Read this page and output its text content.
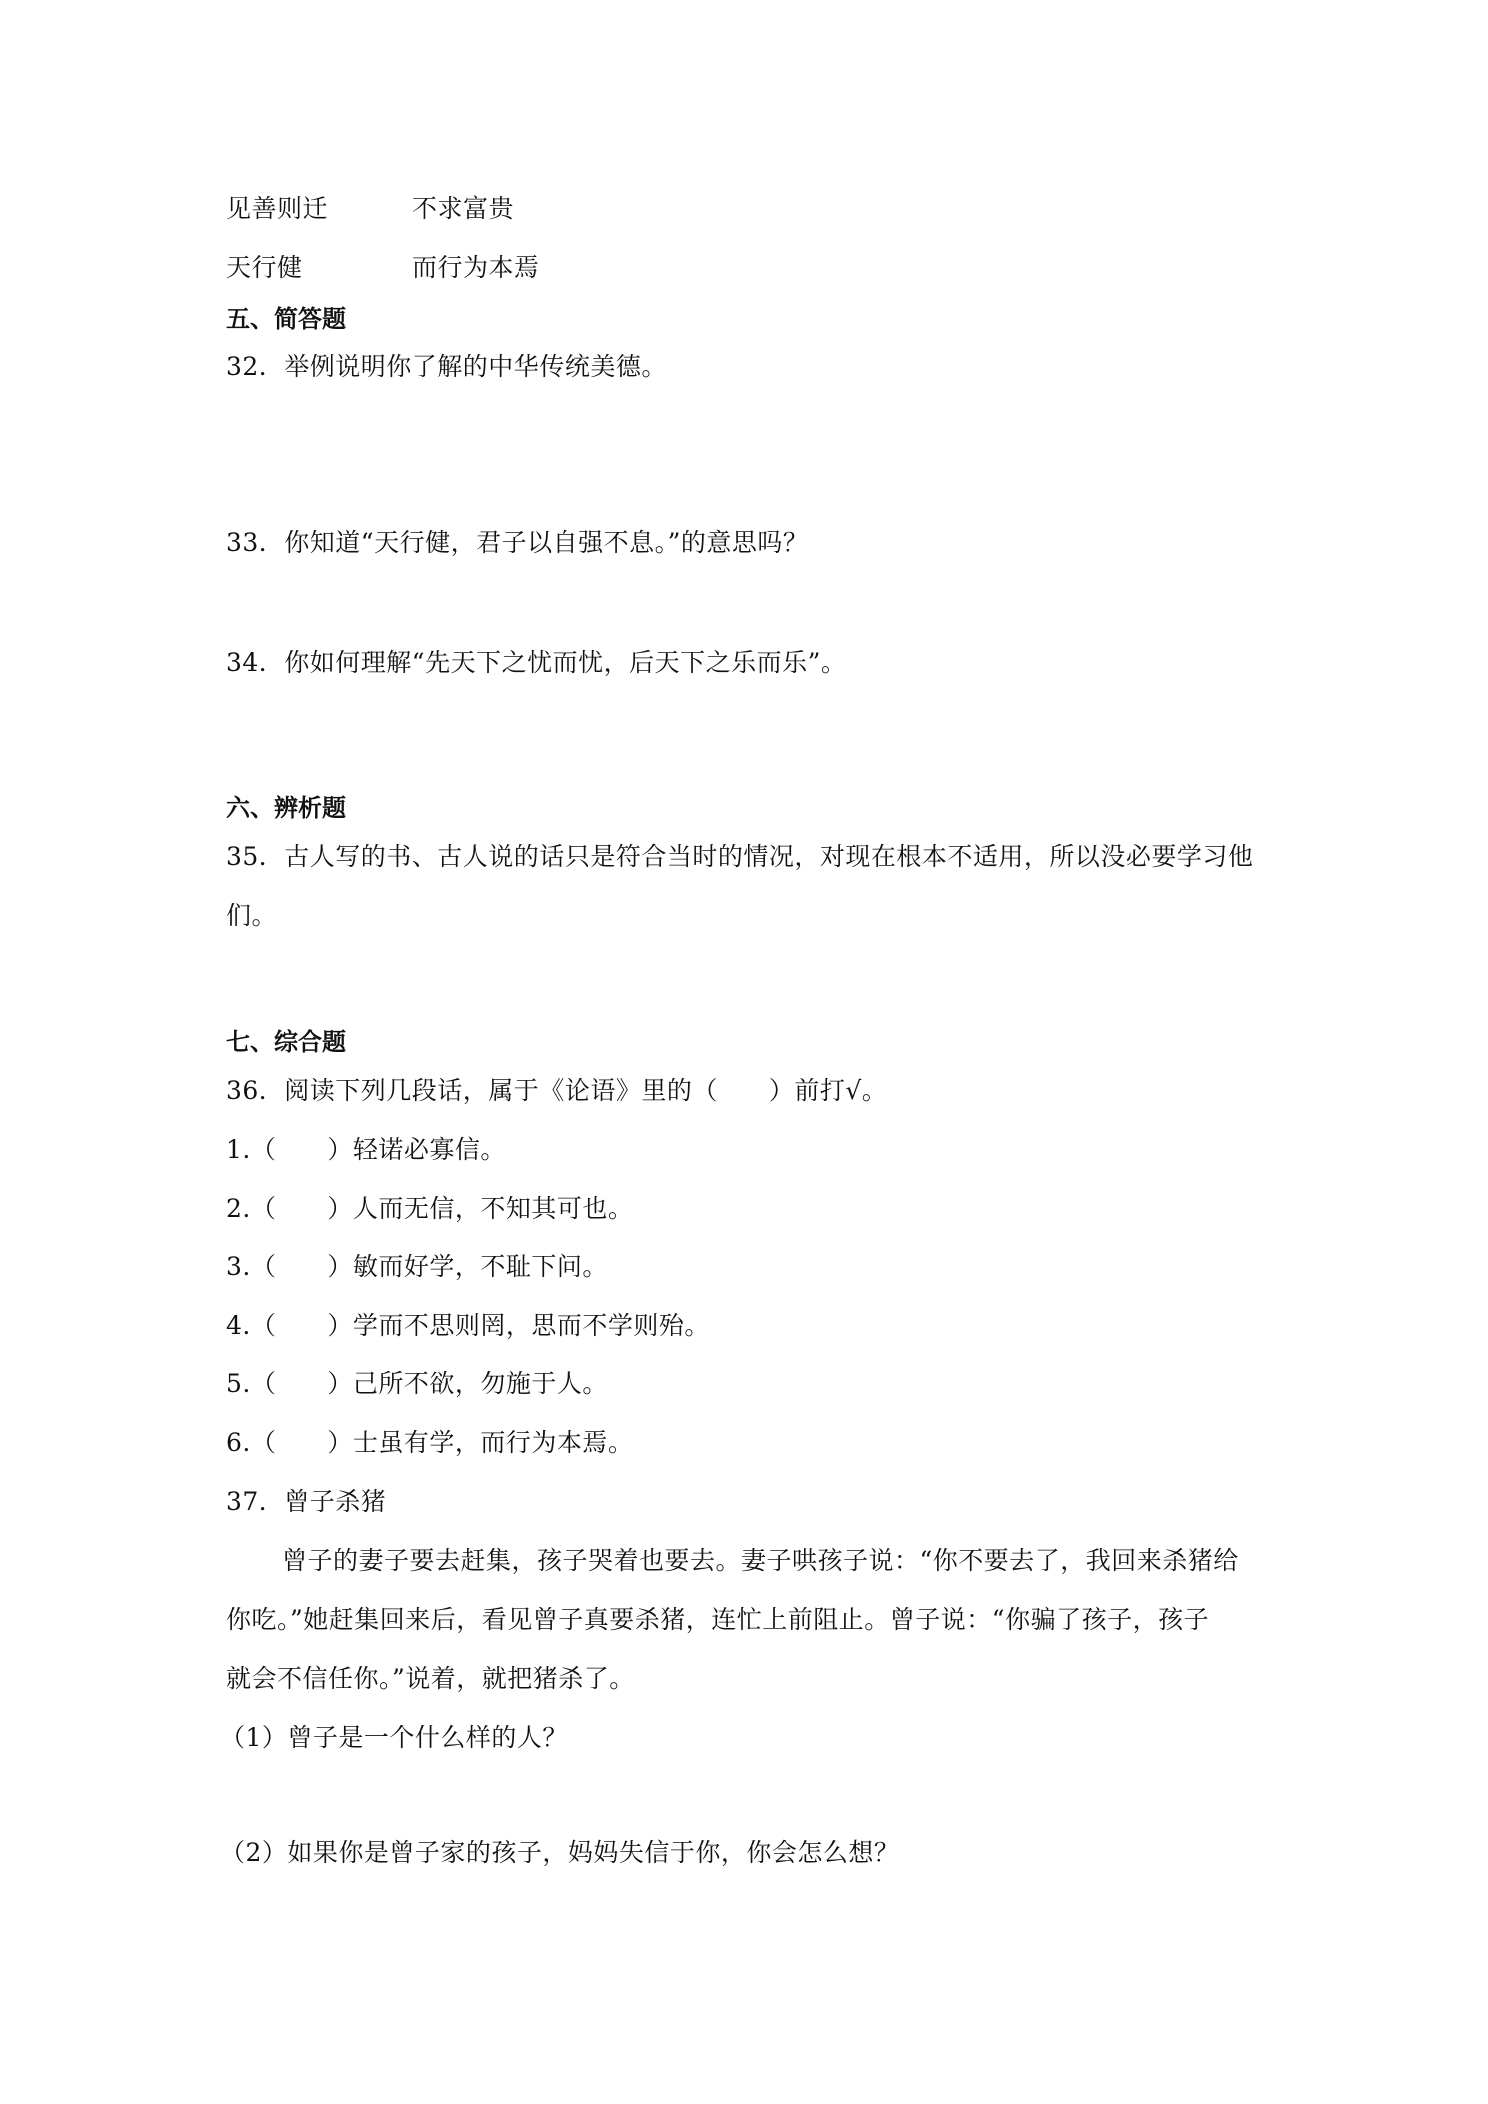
见善则迁	不求富贵
天行健	而行为本焉
五、简答题
32．举例说明你了解的中华传统美德。
33．你知道“天行健，君子以自强不息。”的意思吗？
34．你如何理解“先天下之忧而忧，后天下之乐而乐”。
六、辨析题
35．古人写的书、古人说的话只是符合当时的情况，对现在根本不适用，所以没必要学习他
们。
七、综合题
36．阅读下列几段话，属于《论语》里的（　　）前打√。
1.（　　）轻诺必寡信。
2.（　　）人而无信，不知其可也。
3.（　　）敏而好学，不耻下问。
4.（　　）学而不思则罔，思而不学则殆。
5.（　　）己所不欲，勿施于人。
6.（　　）士虽有学，而行为本焉。
37．曾子杀猪
曾子的妻子要去赶集，孩子哭着也要去。妻子哄孩子说：“你不要去了，我回来杀猪给
你吃。”她赶集回来后，看见曾子真要杀猪，连忙上前阻止。曾子说：“你骗了孩子，孩子
就会不信任你。”说着，就把猪杀了。
（1）曾子是一个什么样的人？
（2）如果你是曾子家的孩子，妈妈失信于你，你会怎么想？
